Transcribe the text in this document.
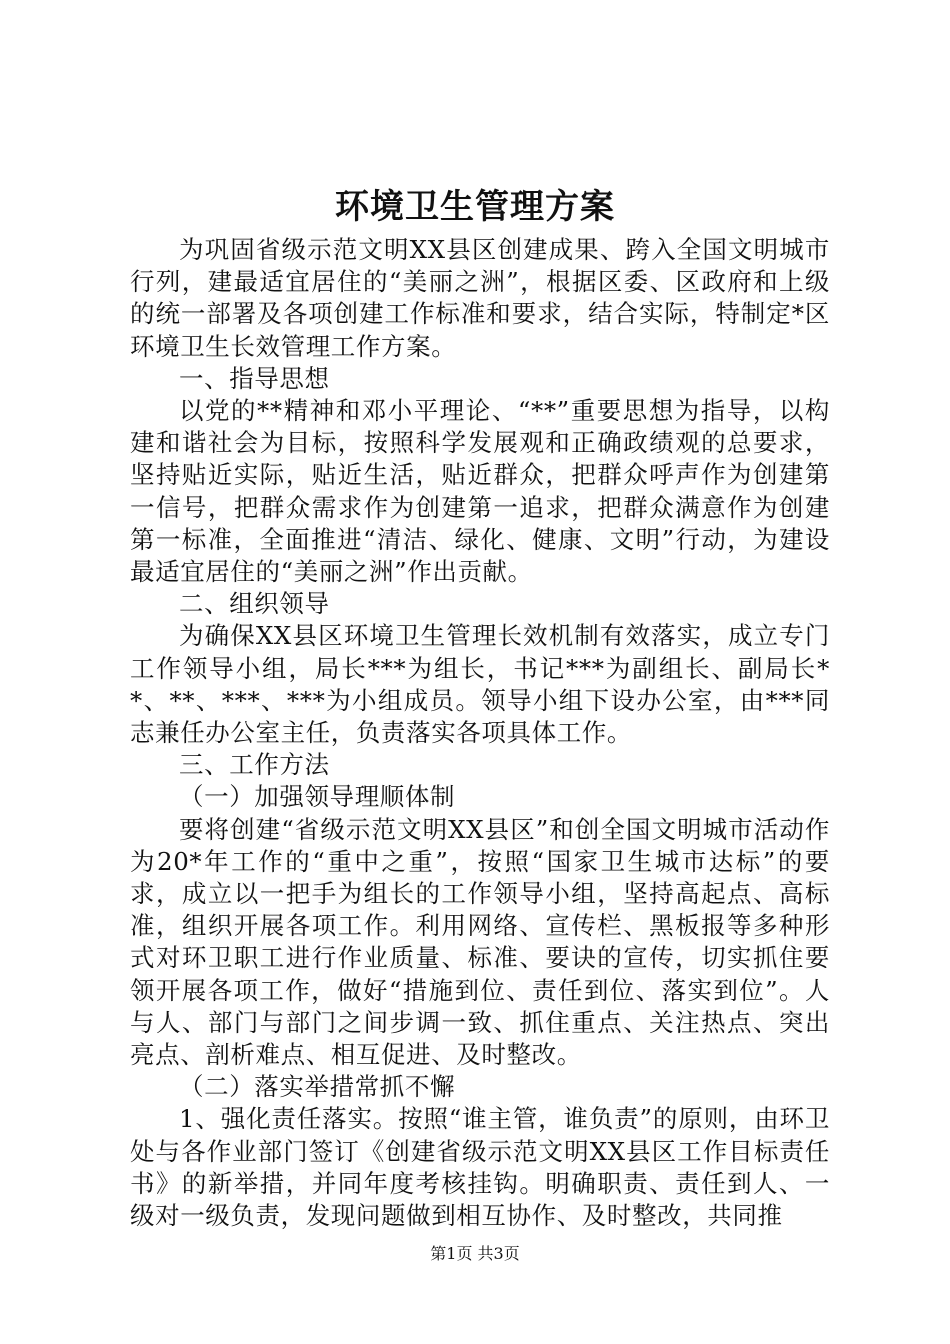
环境卫生管理方案

为巩固省级示范文明XX县区创建成果、跨入全国文明城市行列，建最适宜居住的“美丽之洲”，根据区委、区政府和上级的统一部署及各项创建工作标准和要求，结合实际，特制定*区环境卫生长效管理工作方案。

一、指导思想

以党的**精神和邓小平理论、“**”重要思想为指导，以构建和谐社会为目标，按照科学发展观和正确政绩观的总要求，坚持贴近实际，贴近生活，贴近群众，把群众呼声作为创建第一信号，把群众需求作为创建第一追求，把群众满意作为创建第一标准，全面推进“清洁、绿化、健康、文明”行动，为建设最适宜居住的“美丽之洲”作出贡献。

二、组织领导

为确保XX县区环境卫生管理长效机制有效落实，成立专门工作领导小组，局长***为组长，书记***为副组长、副局长**、**、***、***为小组成员。领导小组下设办公室，由***同志兼任办公室主任，负责落实各项具体工作。

三、工作方法

（一）加强领导理顺体制

要将创建“省级示范文明XX县区”和创全国文明城市活动作为20*年工作的“重中之重”，按照“国家卫生城市达标”的要求，成立以一把手为组长的工作领导小组，坚持高起点、高标准，组织开展各项工作。利用网络、宣传栏、黑板报等多种形式对环卫职工进行作业质量、标准、要诀的宣传，切实抓住要领开展各项工作，做好“措施到位、责任到位、落实到位”。人与人、部门与部门之间步调一致、抓住重点、关注热点、突出亮点、剖析难点、相互促进、及时整改。

（二）落实举措常抓不懈

1、强化责任落实。按照“谁主管，谁负责”的原则，由环卫处与各作业部门签订《创建省级示范文明XX县区工作目标责任书》的新举措，并同年度考核挂钩。明确职责、责任到人、一级对一级负责，发现问题做到相互协作、及时整改，共同推

第1页 共3页
